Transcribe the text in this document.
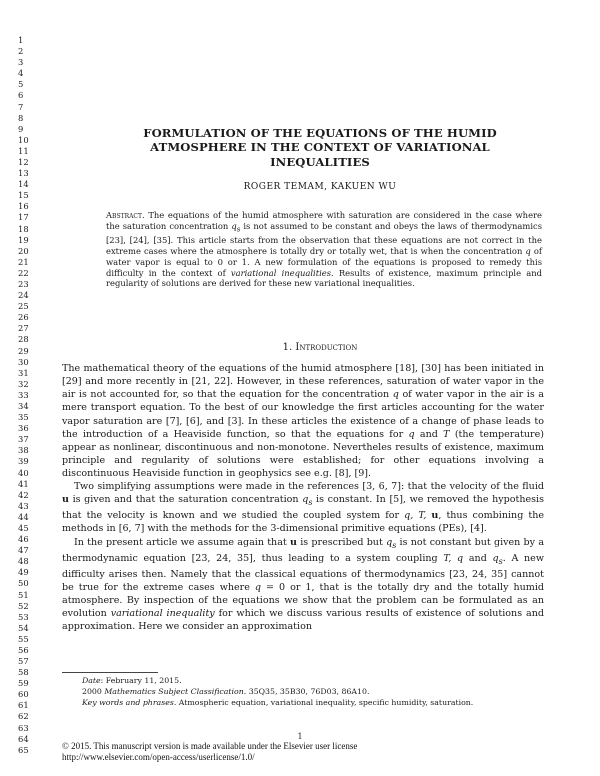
1
2
3
4
5
6
7
8
9
10
11
12
13
14
15
16
17
18
19
20
21
22
23
24
25
26
27
28
29
30
31
32
33
34
35
36
37
38
39
40
41
42
43
44
45
46
47
48
49
50
51
52
53
54
55
56
57
58
59
60
61
62
63
64
65
FORMULATION OF THE EQUATIONS OF THE HUMID
ATMOSPHERE IN THE CONTEXT OF VARIATIONAL
INEQUALITIES
ROGER TEMAM, KAKUEN WU
Abstract. The equations of the humid atmosphere with saturation are considered in the case where the saturation concentration $q_s$ is not assumed to be constant and obeys the laws of thermodynamics [23], [24], [35]. This article starts from the observation that these equations are not correct in the extreme cases where the atmosphere is totally dry or totally wet, that is when the concentration q of water vapor is equal to 0 or 1. A new formulation of the equations is proposed to remedy this difficulty in the context of variational inequalities. Results of existence, maximum principle and regularity of solutions are derived for these new variational inequalities.
1. Introduction

The mathematical theory of the equations of the humid atmosphere [18], [30] has been initiated in [29] and more recently in [21, 22]. However, in these references, saturation of water vapor in the air is not accounted for, so that the equation for the concentration q of water vapor in the air is a mere transport equation. To the best of our knowledge the first articles accounting for the water vapor saturation are [7], [6], and [3]. In these articles the existence of a change of phase leads to the introduction of a Heaviside function, so that the equations for q and T (the temperature) appear as nonlinear, discontinuous and non-monotone. Nevertheles results of existence, maximum principle and regularity of solutions were established; for other equations involving a discontinuous Heaviside function in geophysics see e.g. [8], [9].

Two simplifying assumptions were made in the references [3, 6, 7]: that the velocity of the fluid u is given and that the saturation concentration $q_s$ is constant. In [5], we removed the hypothesis that the velocity is known and we studied the coupled system for q, T, u, thus combining the methods in [6, 7] with the methods for the 3-dimensional primitive equations (PEs), [4].

In the present article we assume again that u is prescribed but $q_s$ is not constant but given by a thermodynamic equation [23, 24, 35], thus leading to a system coupling T, q and $q_s$. A new difficulty arises then. Namely that the classical equations of thermodynamics [23, 24, 35] cannot be true for the extreme cases where q = 0 or 1, that is the totally dry and the totally humid atmosphere. By inspection of the equations we show that the problem can be formulated as an evolution variational inequality for which we discuss various results of existence of solutions and approximation. Here we consider an approximation

Date: February 11, 2015.
2000 Mathematics Subject Classification. 35Q35, 35B30, 76D03, 86A10.
Key words and phrases. Atmospheric equation, variational inequality, specific humidity, saturation.
1
© 2015. This manuscript version is made available under the Elsevier user license
http://www.elsevier.com/open-access/userlicense/1.0/
